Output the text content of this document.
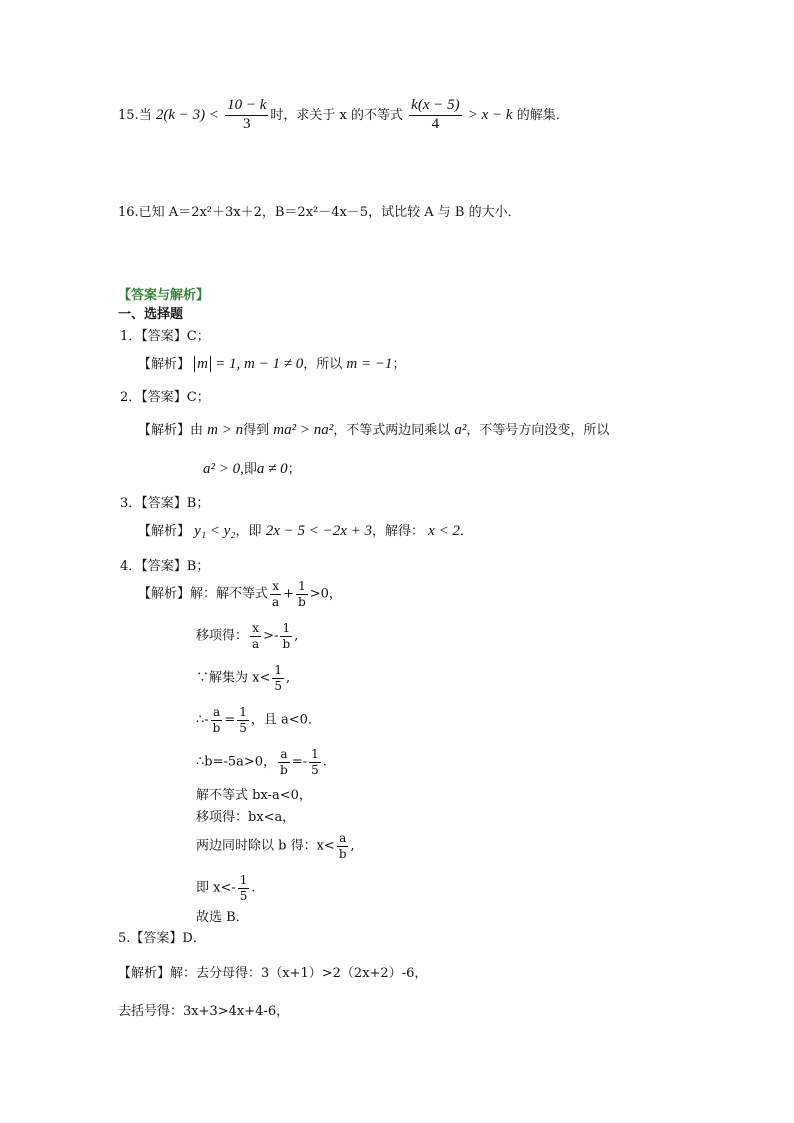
15.当 $2(k - 3) < \frac{10 - k}{3}$ 时，求关于 x 的不等式 $\frac{k(x - 5)}{4} > x - k$ 的解集．
16.已知 A＝2x²＋3x＋2，B＝2x²－4x－5，试比较 A 与 B 的大小．
【答案与解析】
一、选择题
1．【答案】C；
【解析】 m = 1, m − 1 ≠ 0，所以 m = −1；
2．【答案】C；
【解析】由 m > n得到 ma² > na²，不等式两边同乘以 a²，不等号方向没变，所以
a² > 0,即a ≠ 0；
3．【答案】B；
【解析】 y₁ < y₂，即 2x − 5 < −2x + 3，解得： x < 2．
4．【答案】B；
【解析】解：解不等式 $\frac{x}{a} + \frac{1}{b} >0$，
移项得： $\frac{x}{a} >- \frac{1}{b}$ ,
∵解集为 $x< \frac{1}{5}$ ,
∴- $\frac{a}{b} = \frac{1}{5}$ ，且 a<0．
∴b=-5a>0， $\frac{a}{b} =- \frac{1}{5}$ .
解不等式 bx-a<0，
移项得：bx<a，
两边同时除以 b 得：$x< \frac{a}{b}$ ,
即 $x<- \frac{1}{5}$ .
故选 B．
5.【答案】D．
【解析】解：去分母得：3（x+1）>2（2x+2）-6，
去括号得：3x+3>4x+4-6，
